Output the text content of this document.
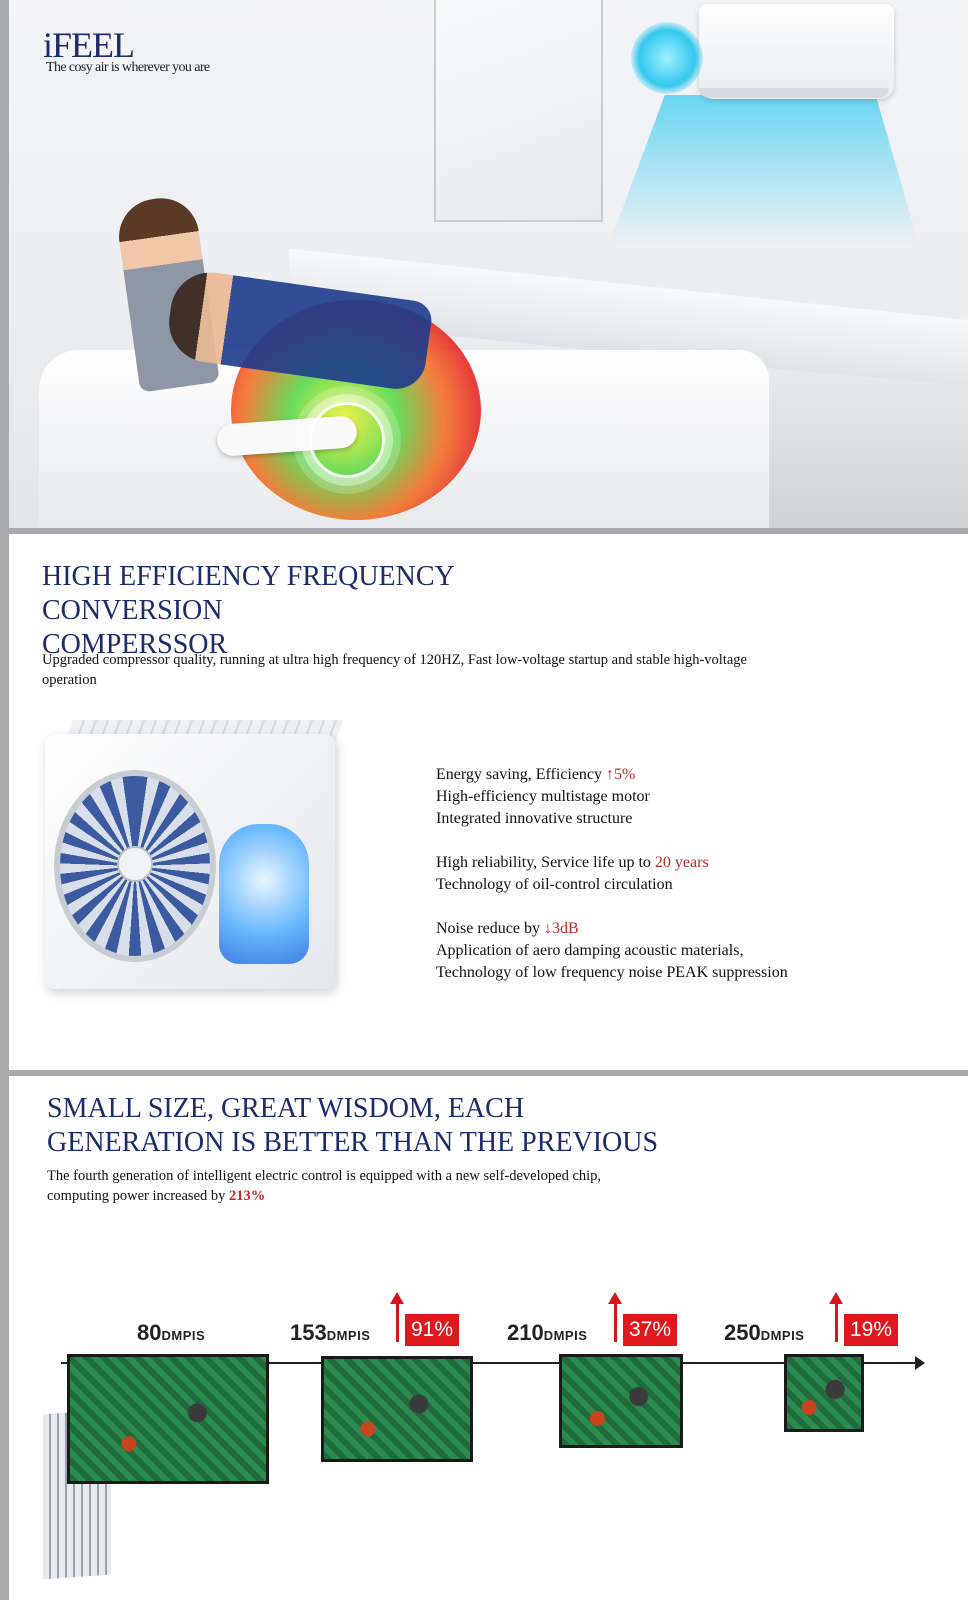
iFEEL
The cosy air is wherever you are
HIGH EFFICIENCY FREQUENCY
CONVERSION
COMPERSSOR

Upgraded compressor quality, running at ultra high frequency of 120HZ, Fast low-voltage startup and stable high-voltage operation

Energy saving, Efficiency ↑5%
High-efficiency multistage motor
Integrated innovative structure

High reliability, Service life up to 20 years
Technology of oil-control circulation

Noise reduce by ↓3dB
Application of aero damping acoustic materials,
Technology of low frequency noise PEAK suppression

SMALL SIZE, GREAT WISDOM, EACH
GENERATION IS BETTER THAN THE PREVIOUS

The fourth generation of intelligent electric control is equipped with a new self-developed chip,

computing power increased by 213%

80DMPIS	153DMPIS 91% 210DMPIS 37% 250DMPIS 19%
